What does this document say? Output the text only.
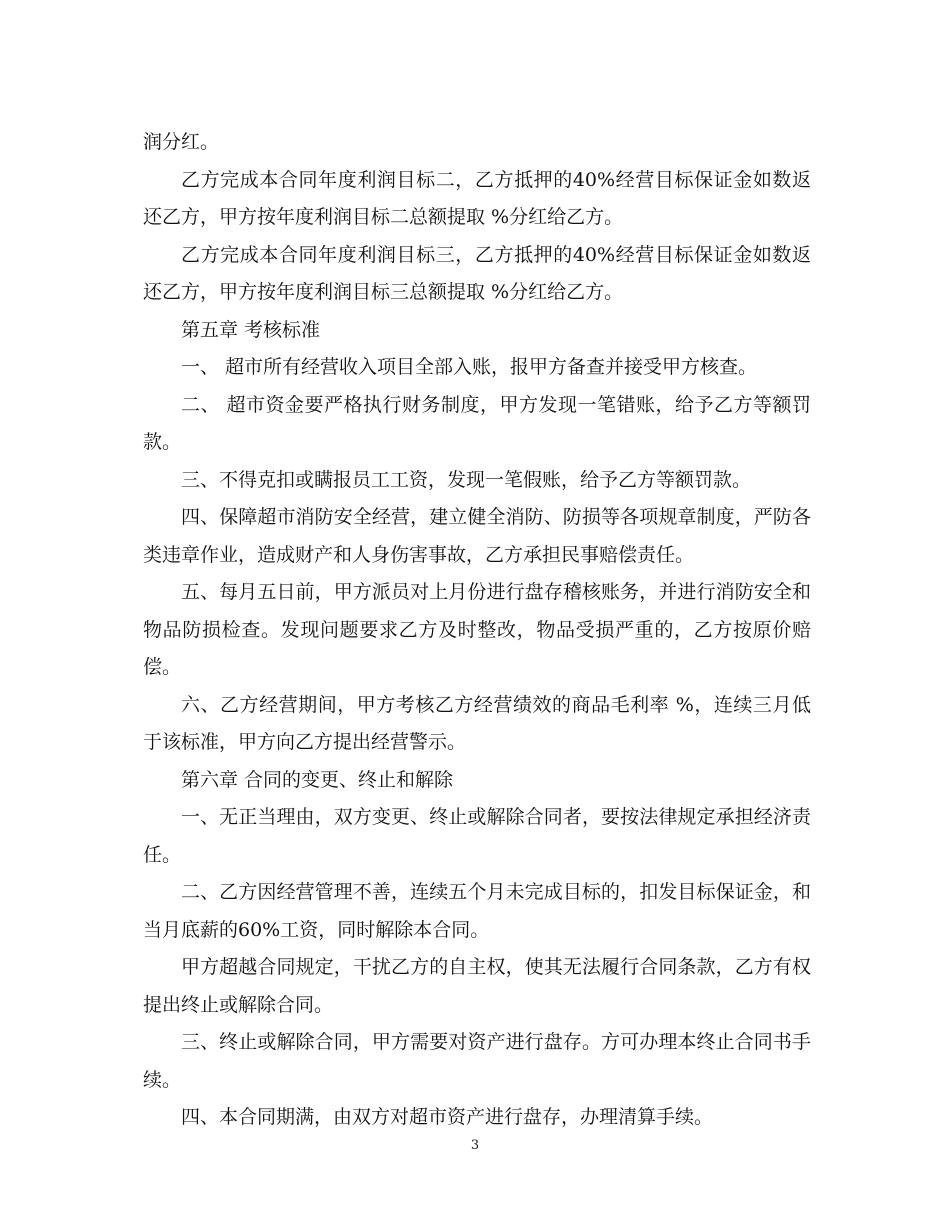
润分红。

乙方完成本合同年度利润目标二，乙方抵押的40%经营目标保证金如数返还乙方，甲方按年度利润目标二总额提取 %分红给乙方。

乙方完成本合同年度利润目标三，乙方抵押的40%经营目标保证金如数返还乙方，甲方按年度利润目标三总额提取 %分红给乙方。

第五章 考核标准

一、 超市所有经营收入项目全部入账，报甲方备查并接受甲方核查。

二、 超市资金要严格执行财务制度，甲方发现一笔错账，给予乙方等额罚款。

三、不得克扣或瞒报员工工资，发现一笔假账，给予乙方等额罚款。

四、保障超市消防安全经营，建立健全消防、防损等各项规章制度，严防各类违章作业，造成财产和人身伤害事故，乙方承担民事赔偿责任。

五、每月五日前，甲方派员对上月份进行盘存稽核账务，并进行消防安全和物品防损检查。发现问题要求乙方及时整改，物品受损严重的，乙方按原价赔偿。

六、乙方经营期间，甲方考核乙方经营绩效的商品毛利率 %，连续三月低于该标准，甲方向乙方提出经营警示。

第六章 合同的变更、终止和解除

一、无正当理由，双方变更、终止或解除合同者，要按法律规定承担经济责任。

二、乙方因经营管理不善，连续五个月未完成目标的，扣发目标保证金，和当月底薪的60%工资，同时解除本合同。

甲方超越合同规定，干扰乙方的自主权，使其无法履行合同条款，乙方有权提出终止或解除合同。

三、终止或解除合同，甲方需要对资产进行盘存。方可办理本终止合同书手续。

四、本合同期满，由双方对超市资产进行盘存，办理清算手续。

3
